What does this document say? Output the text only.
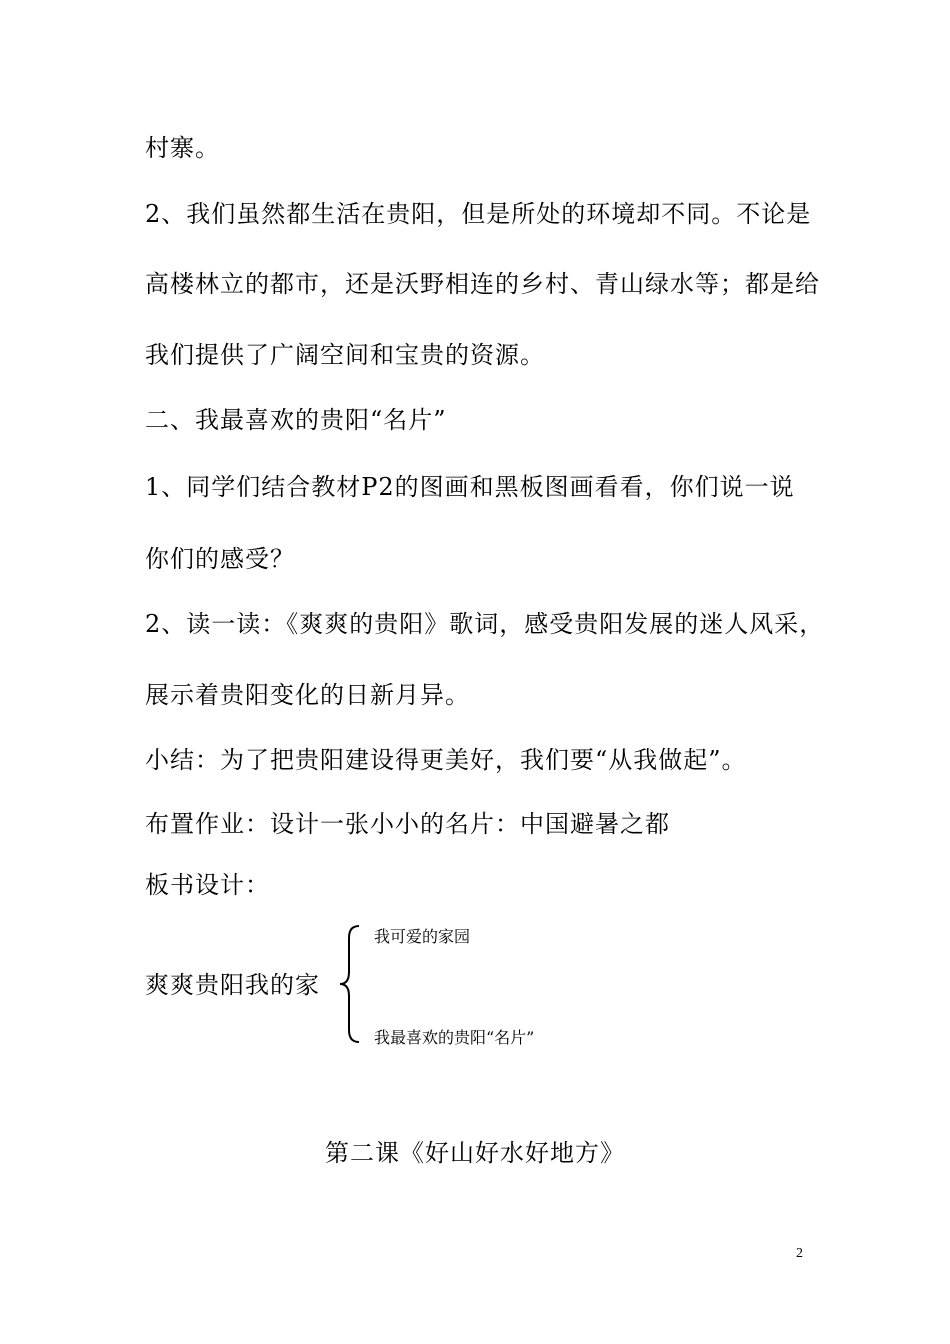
村寨。
2、我们虽然都生活在贵阳，但是所处的环境却不同。不论是
高楼林立的都市，还是沃野相连的乡村、青山绿水等；都是给
我们提供了广阔空间和宝贵的资源。
二、我最喜欢的贵阳“名片”
1、同学们结合教材P2的图画和黑板图画看看，你们说一说
你们的感受？
2、读一读：《爽爽的贵阳》歌词，感受贵阳发展的迷人风采，
展示着贵阳变化的日新月异。
小结：为了把贵阳建设得更美好，我们要“从我做起”。
布置作业：设计一张小小的名片：中国避暑之都
板书设计：
爽爽贵阳我的家
我可爱的家园
我最喜欢的贵阳“名片”
第二课《好山好水好地方》
2
